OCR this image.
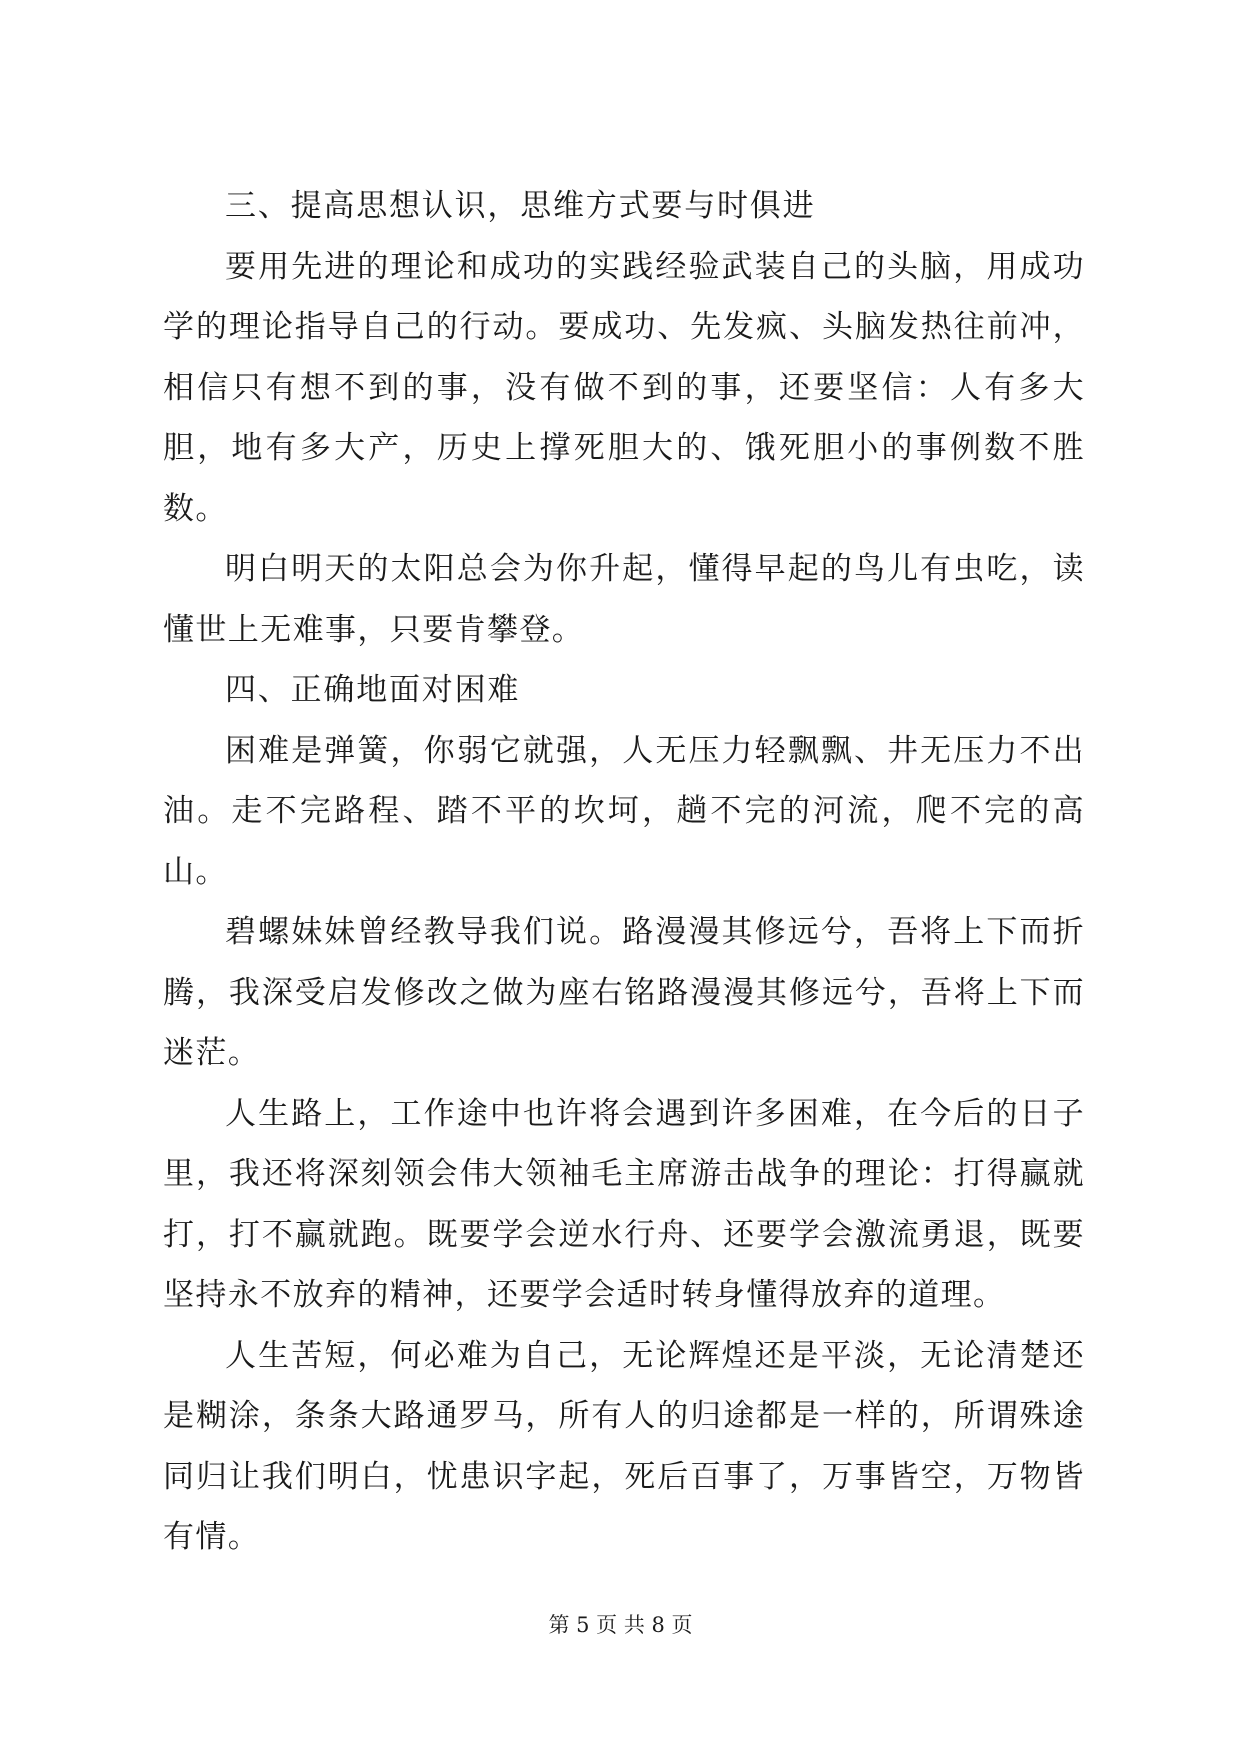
三、提高思想认识，思维方式要与时俱进

要用先进的理论和成功的实践经验武装自己的头脑，用成功学的理论指导自己的行动。要成功、先发疯、头脑发热往前冲，相信只有想不到的事，没有做不到的事，还要坚信：人有多大胆，地有多大产，历史上撑死胆大的、饿死胆小的事例数不胜数。

明白明天的太阳总会为你升起，懂得早起的鸟儿有虫吃，读懂世上无难事，只要肯攀登。

四、正确地面对困难

困难是弹簧，你弱它就强，人无压力轻飘飘、井无压力不出油。走不完路程、踏不平的坎坷，趟不完的河流，爬不完的高山。

碧螺妹妹曾经教导我们说。路漫漫其修远兮，吾将上下而折腾，我深受启发修改之做为座右铭路漫漫其修远兮，吾将上下而迷茫。

人生路上，工作途中也许将会遇到许多困难，在今后的日子里，我还将深刻领会伟大领袖毛主席游击战争的理论：打得赢就打，打不赢就跑。既要学会逆水行舟、还要学会激流勇退，既要坚持永不放弃的精神，还要学会适时转身懂得放弃的道理。

人生苦短，何必难为自己，无论辉煌还是平淡，无论清楚还是糊涂，条条大路通罗马，所有人的归途都是一样的，所谓殊途同归让我们明白，忧患识字起，死后百事了，万事皆空，万物皆有情。

第 5 页 共 8 页
